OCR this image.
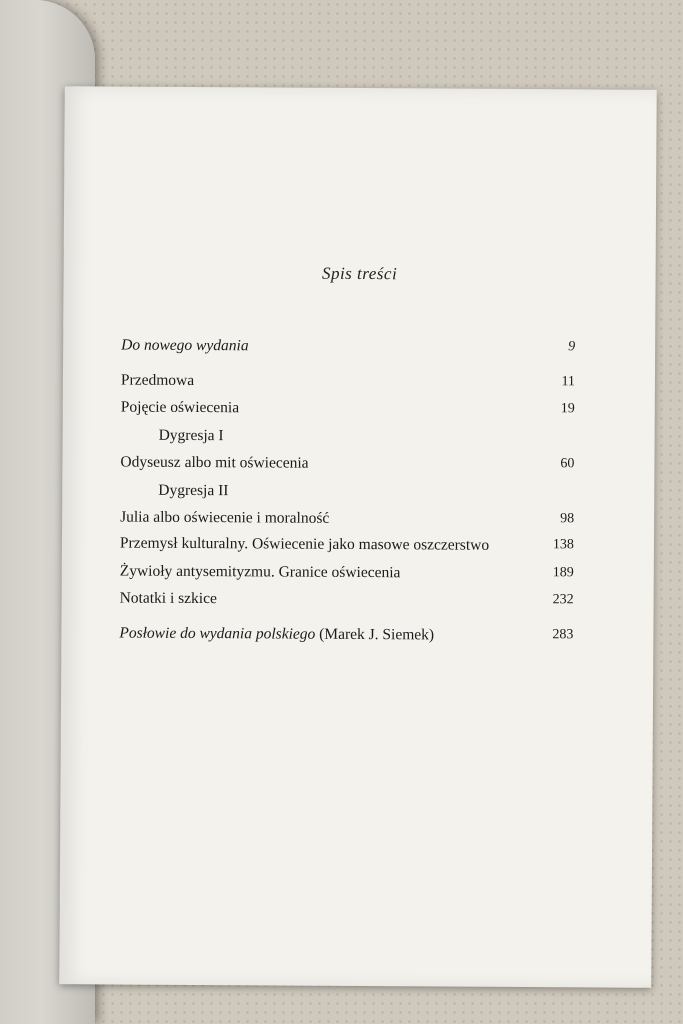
Spis treści
Do nowego wydania	9
Przedmowa	11
Pojęcie oświecenia	19
Dygresja I
Odyseusz albo mit oświecenia	60
Dygresja II
Julia albo oświecenie i moralność	98
Przemysł kulturalny. Oświecenie jako masowe oszczerstwo	138
Żywioły antysemityzmu. Granice oświecenia	189
Notatki i szkice	232
Posłowie do wydania polskiego (Marek J. Siemek)	283
